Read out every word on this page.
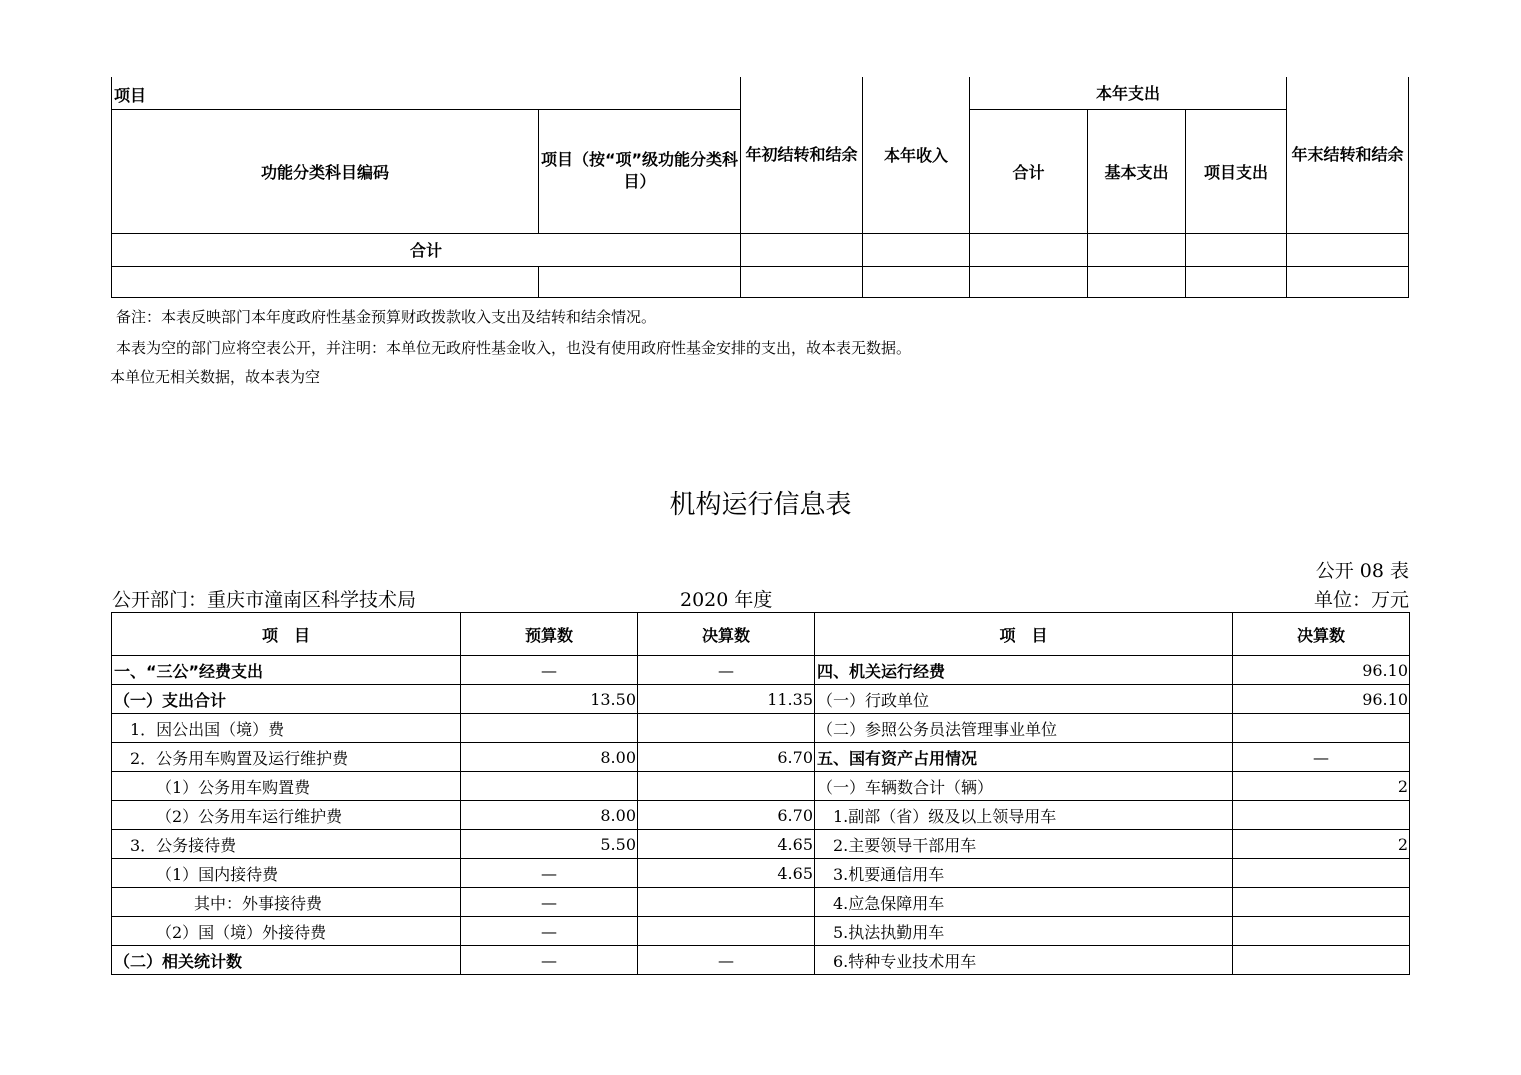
项目		年初结转和结余	本年收入	本年支出			年末结转和结余
功能分类科目编码	项目（按“项”级功能分类科目）			合计	基本支出	项目支出	
合计							

备注：本表反映部门本年度政府性基金预算财政拨款收入支出及结转和结余情况。
本表为空的部门应将空表公开，并注明：本单位无政府性基金收入，也没有使用政府性基金安排的支出，故本表无数据。
本单位无相关数据，故本表为空
机构运行信息表
公开 08 表
公开部门：重庆市潼南区科学技术局	2020 年度	单位：万元
项　目	预算数	决算数	项　目	决算数
一、“三公”经费支出	—	—	四、机关运行经费	96.10
（一）支出合计	13.50	11.35	（一）行政单位	96.10
1．因公出国（境）费			（二）参照公务员法管理事业单位	
2．公务用车购置及运行维护费	8.00	6.70	五、国有资产占用情况	—
（1）公务用车购置费			（一）车辆数合计（辆）	2
（2）公务用车运行维护费	8.00	6.70	1.副部（省）级及以上领导用车	
3．公务接待费	5.50	4.65	2.主要领导干部用车	2
（1）国内接待费	—	4.65	3.机要通信用车	
其中：外事接待费	—		4.应急保障用车	
（2）国（境）外接待费	—		5.执法执勤用车	
（二）相关统计数	—	—	6.特种专业技术用车	
